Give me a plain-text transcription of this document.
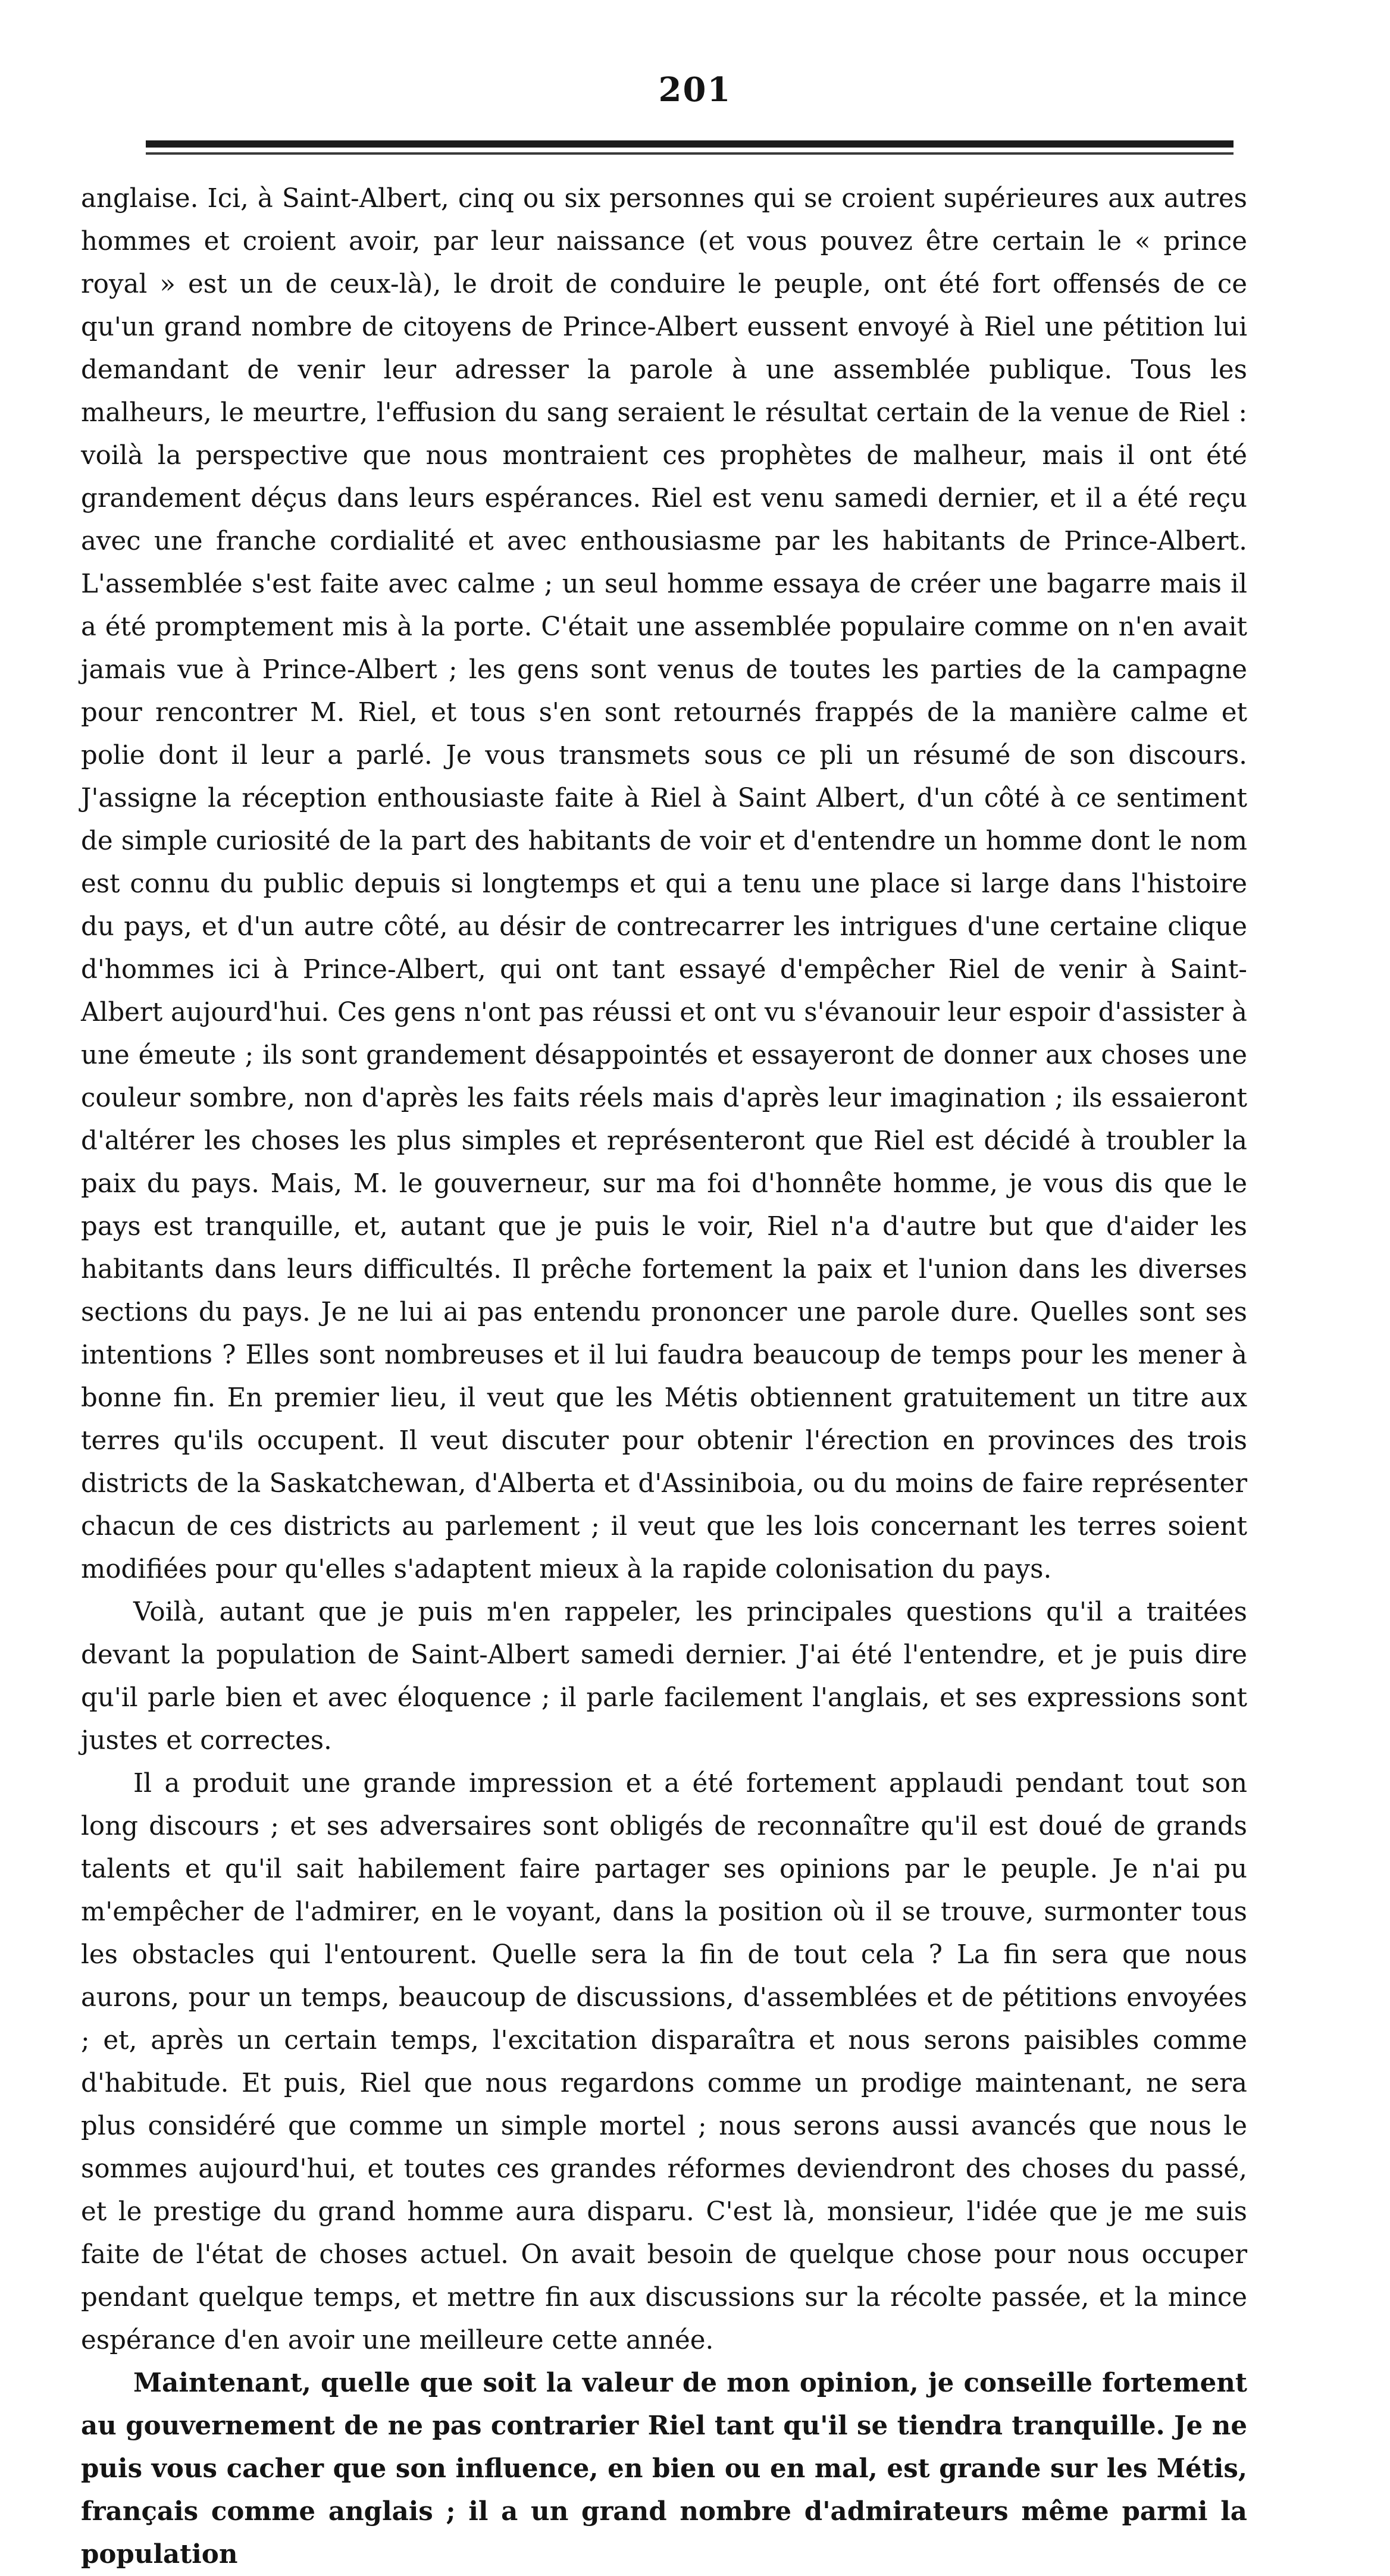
201

anglaise. Ici, à Saint-Albert, cinq ou six personnes qui se croient supérieures aux autres hommes et croient avoir, par leur naissance (et vous pouvez être certain le « prince royal » est un de ceux-là), le droit de conduire le peuple, ont été fort offensés de ce qu'un grand nombre de citoyens de Prince-Albert eussent envoyé à Riel une pétition lui demandant de venir leur adresser la parole à une assemblée publique. Tous les malheurs, le meurtre, l'effusion du sang seraient le résultat certain de la venue de Riel : voilà la perspective que nous montraient ces prophètes de malheur, mais il ont été grandement déçus dans leurs espérances. Riel est venu samedi dernier, et il a été reçu avec une franche cordialité et avec enthousiasme par les habitants de Prince-Albert. L'assemblée s'est faite avec calme ; un seul homme essaya de créer une bagarre mais il a été promptement mis à la porte. C'était une assemblée populaire comme on n'en avait jamais vue à Prince-Albert ; les gens sont venus de toutes les parties de la campagne pour rencontrer M. Riel, et tous s'en sont retournés frappés de la manière calme et polie dont il leur a parlé. Je vous transmets sous ce pli un résumé de son discours. J'assigne la réception enthousiaste faite à Riel à Saint Albert, d'un côté à ce sentiment de simple curiosité de la part des habitants de voir et d'entendre un homme dont le nom est connu du public depuis si longtemps et qui a tenu une place si large dans l'histoire du pays, et d'un autre côté, au désir de contrecarrer les intrigues d'une certaine clique d'hommes ici à Prince-Albert, qui ont tant essayé d'empêcher Riel de venir à Saint-Albert aujourd'hui. Ces gens n'ont pas réussi et ont vu s'évanouir leur espoir d'assister à une émeute ; ils sont grandement désappointés et essayeront de donner aux choses une couleur sombre, non d'après les faits réels mais d'après leur imagination ; ils essaieront d'altérer les choses les plus simples et représenteront que Riel est décidé à troubler la paix du pays. Mais, M. le gouverneur, sur ma foi d'honnête homme, je vous dis que le pays est tranquille, et, autant que je puis le voir, Riel n'a d'autre but que d'aider les habitants dans leurs difficultés. Il prêche fortement la paix et l'union dans les diverses sections du pays. Je ne lui ai pas entendu prononcer une parole dure. Quelles sont ses intentions ? Elles sont nombreuses et il lui faudra beaucoup de temps pour les mener à bonne fin. En premier lieu, il veut que les Métis obtiennent gratuitement un titre aux terres qu'ils occupent. Il veut discuter pour obtenir l'érection en provinces des trois districts de la Saskatchewan, d'Alberta et d'Assiniboia, ou du moins de faire représenter chacun de ces districts au parlement ; il veut que les lois concernant les terres soient modifiées pour qu'elles s'adaptent mieux à la rapide colonisation du pays.

Voilà, autant que je puis m'en rappeler, les principales questions qu'il a traitées devant la population de Saint-Albert samedi dernier. J'ai été l'entendre, et je puis dire qu'il parle bien et avec éloquence ; il parle facilement l'anglais, et ses expressions sont justes et correctes.

Il a produit une grande impression et a été fortement applaudi pendant tout son long discours ; et ses adversaires sont obligés de reconnaître qu'il est doué de grands talents et qu'il sait habilement faire partager ses opinions par le peuple. Je n'ai pu m'empêcher de l'admirer, en le voyant, dans la position où il se trouve, surmonter tous les obstacles qui l'entourent. Quelle sera la fin de tout cela ? La fin sera que nous aurons, pour un temps, beaucoup de discussions, d'assemblées et de pétitions envoyées ; et, après un certain temps, l'excitation disparaîtra et nous serons paisibles comme d'habitude. Et puis, Riel que nous regardons comme un prodige maintenant, ne sera plus considéré que comme un simple mortel ; nous serons aussi avancés que nous le sommes aujourd'hui, et toutes ces grandes réformes deviendront des choses du passé, et le prestige du grand homme aura disparu. C'est là, monsieur, l'idée que je me suis faite de l'état de choses actuel. On avait besoin de quelque chose pour nous occuper pendant quelque temps, et mettre fin aux discussions sur la récolte passée, et la mince espérance d'en avoir une meilleure cette année.

Maintenant, quelle que soit la valeur de mon opinion, je conseille fortement au gouvernement de ne pas contrarier Riel tant qu'il se tiendra tranquille. Je ne puis vous cacher que son influence, en bien ou en mal, est grande sur les Métis, français comme anglais ; il a un grand nombre d'admirateurs même parmi la population
